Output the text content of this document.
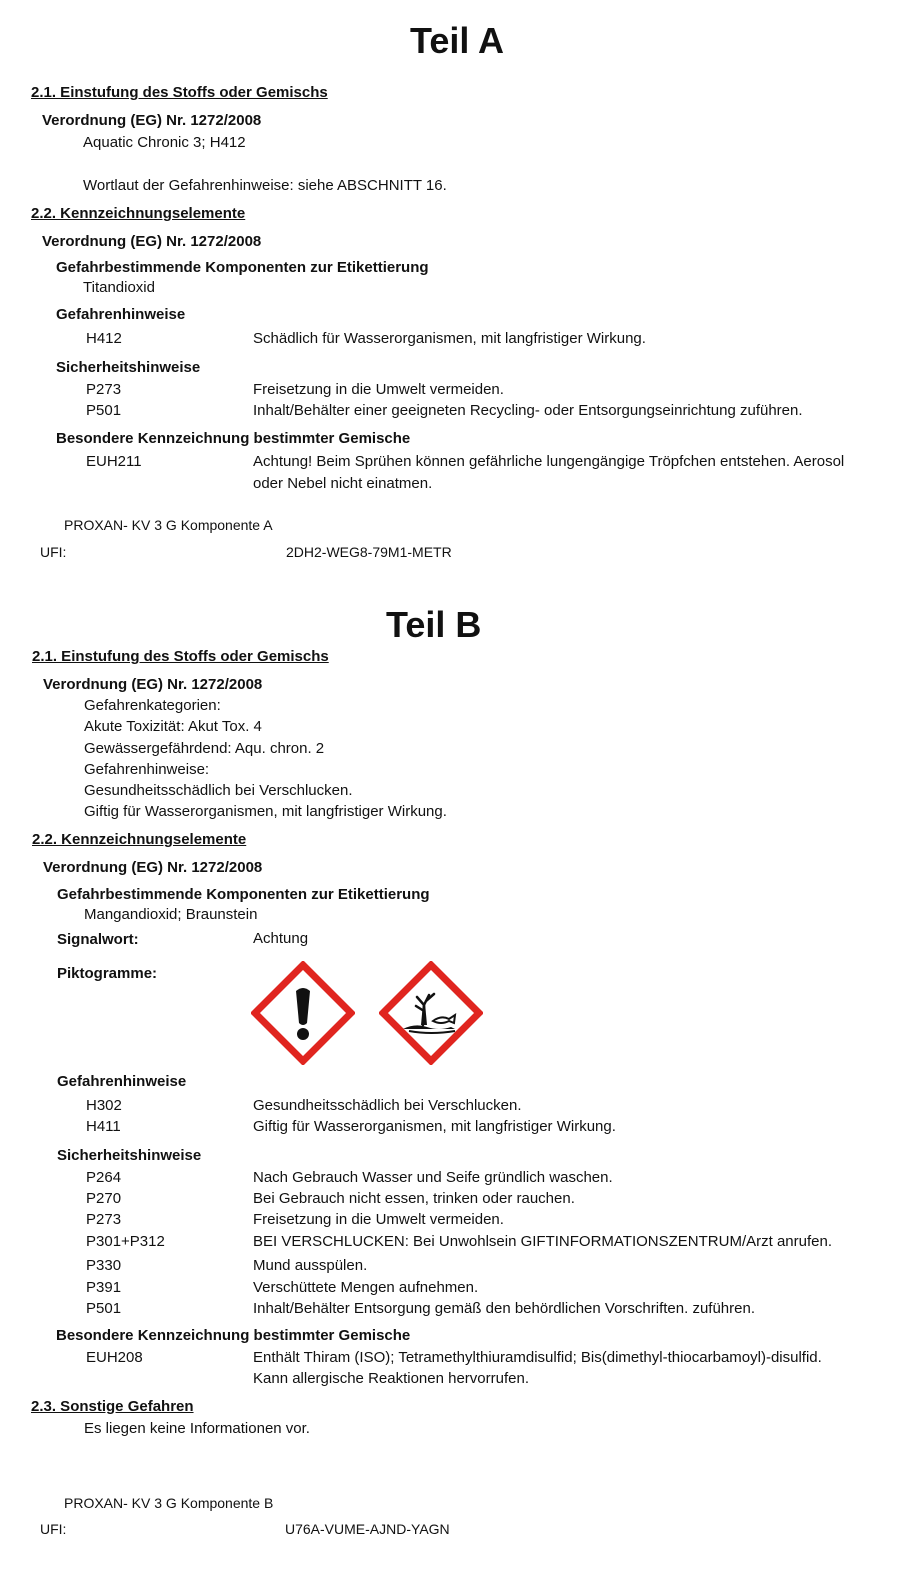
Teil A
2.1. Einstufung des Stoffs oder Gemischs
Verordnung (EG) Nr. 1272/2008
Aquatic Chronic 3; H412
Wortlaut der Gefahrenhinweise: siehe ABSCHNITT 16.
2.2. Kennzeichnungselemente
Verordnung (EG) Nr. 1272/2008
Gefahrbestimmende Komponenten zur Etikettierung
Titandioxid
Gefahrenhinweise
H412	Schädlich für Wasserorganismen, mit langfristiger Wirkung.
Sicherheitshinweise
P273	Freisetzung in die Umwelt vermeiden.
P501	Inhalt/Behälter einer geeigneten Recycling- oder Entsorgungseinrichtung zuführen.
Besondere Kennzeichnung bestimmter Gemische
EUH211	Achtung! Beim Sprühen können gefährliche lungengängige Tröpfchen entstehen. Aerosol
oder Nebel nicht einatmen.
PROXAN- KV 3 G Komponente A
UFI:	2DH2-WEG8-79M1-METR
Teil B
2.1. Einstufung des Stoffs oder Gemischs
Verordnung (EG) Nr. 1272/2008
Gefahrenkategorien:
Akute Toxizität: Akut Tox. 4
Gewässergefährdend: Aqu. chron. 2
Gefahrenhinweise:
Gesundheitsschädlich bei Verschlucken.
Giftig für Wasserorganismen, mit langfristiger Wirkung.
2.2. Kennzeichnungselemente
Verordnung (EG) Nr. 1272/2008
Gefahrbestimmende Komponenten zur Etikettierung
Mangandioxid; Braunstein
Signalwort:	Achtung
Piktogramme:
Gefahrenhinweise
H302	Gesundheitsschädlich bei Verschlucken.
H411	Giftig für Wasserorganismen, mit langfristiger Wirkung.
Sicherheitshinweise
P264	Nach Gebrauch Wasser und Seife gründlich waschen.
P270	Bei Gebrauch nicht essen, trinken oder rauchen.
P273	Freisetzung in die Umwelt vermeiden.
P301+P312	BEI VERSCHLUCKEN: Bei Unwohlsein GIFTINFORMATIONSZENTRUM/Arzt anrufen.
P330	Mund ausspülen.
P391	Verschüttete Mengen aufnehmen.
P501	Inhalt/Behälter Entsorgung gemäß den behördlichen Vorschriften. zuführen.
Besondere Kennzeichnung bestimmter Gemische
EUH208	Enthält Thiram (ISO); Tetramethylthiuramdisulfid; Bis(dimethyl-thiocarbamoyl)-disulfid.
Kann allergische Reaktionen hervorrufen.
2.3. Sonstige Gefahren
Es liegen keine Informationen vor.
PROXAN- KV 3 G Komponente B
UFI:	U76A-VUME-AJND-YAGN
